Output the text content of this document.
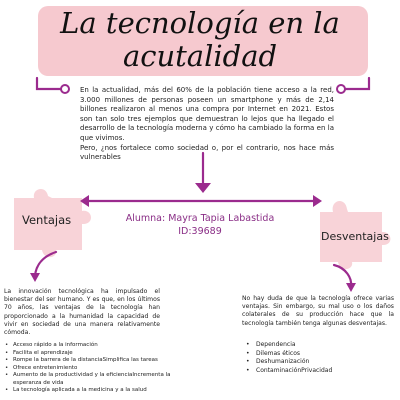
La tecnología en la
acutalidad

En la actualidad, más del 60% de la población tiene acceso a la red, 3.000 millones de personas poseen un smartphone y más de 2,14 billones realizaron al menos una compra por Internet en 2021. Estos son tan solo tres ejemplos que demuestran lo lejos que ha llegado el desarrollo de la tecnología moderna y cómo ha cambiado la forma en la que vivimos.

Pero, ¿nos fortalece como sociedad o, por el contrario, nos hace más vulnerables

Alumna: Mayra Tapia Labastida
ID:39689
Ventajas
Desventajas

La innovación tecnológica ha impulsado el bienestar del ser humano. Y es que, en los últimos 70 años, las ventajas de la tecnología han proporcionado a la humanidad la capacidad de vivir en sociedad de una manera relativamente cómoda.

• Acceso rápido a la información
• Facilita el aprendizaje
• Rompe la barrera de la distanciaSimplifica las tareas
• Ofrece entretenimiento
• Aumento de la productividad y la eficienciaIncrementa la esperanza de vida
• La tecnología aplicada a la medicina y a la salud

No hay duda de que la tecnología ofrece varias ventajas. Sin embargo, su mal uso o los daños colaterales de su producción hace que la tecnología también tenga algunas desventajas.

• Dependencia
• Dilemas éticos
• Deshumanización
• ContaminaciónPrivacidad
